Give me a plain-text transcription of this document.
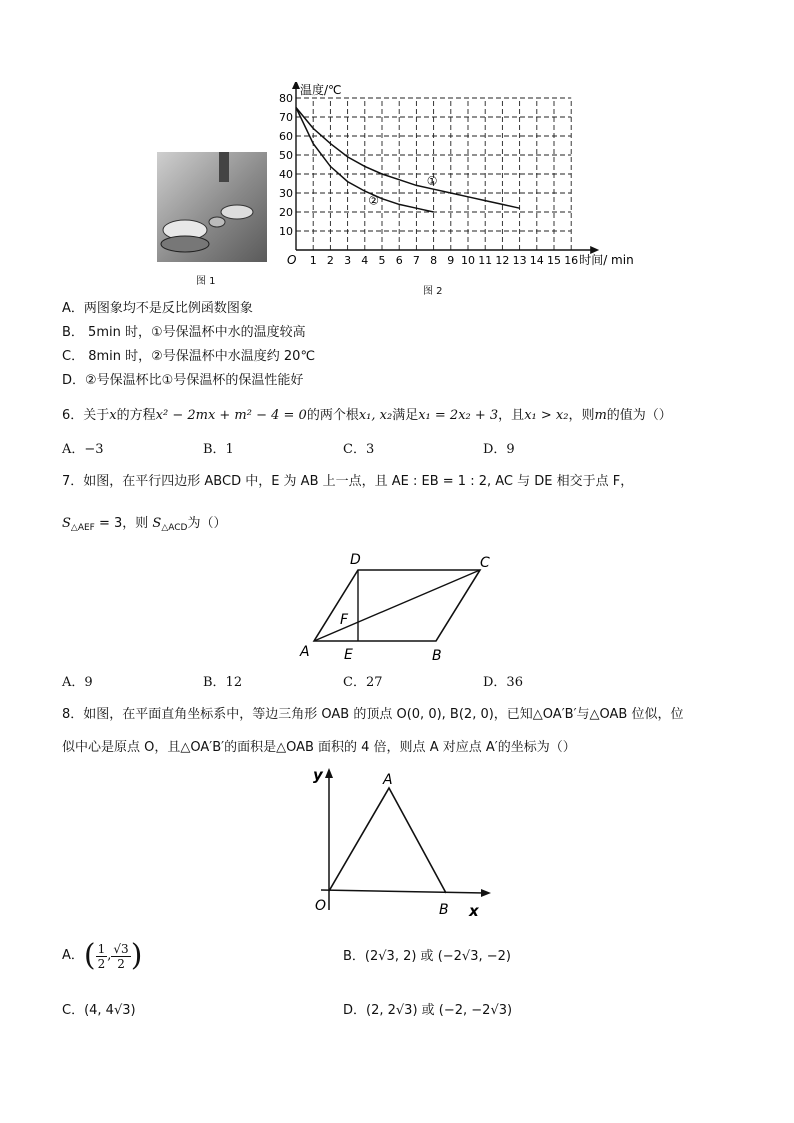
图 1
10
20
30
40
50
60
70
80
1 2 3 4 5 6 7 8 9 10 11 12 13 14 15 16
O
温度/℃
时间/ min
①
②
图 2
A．两图象均不是反比例函数图象
B． 5min 时，①号保温杯中水的温度较高
C． 8min 时，②号保温杯中水温度约 20℃
D．②号保温杯比①号保温杯的保温性能好
6．关于x的方程x² − 2mx + m² − 4 = 0的两个根x₁, x₂满足x₁ = 2x₂ + 3，且x₁ > x₂，则m的值为（）
A．−3	B．1	C．3	D．9
7．如图，在平行四边形 ABCD 中，E 为 AB 上一点，且 AE : EB = 1 : 2, AC 与 DE 相交于点 F，
$S_{\triangle AEF} = 3$，则 $S_{\triangle ACD}$为（）
A
D	C
B
E
F
A．9	B．12	C．27	D．36
8．如图，在平面直角坐标系中，等边三角形 OAB 的顶点 O(0, 0), B(2, 0)，已知△OA′B′与△OAB 位似，位
似中心是原点 O，且△OA′B′的面积是△OAB 面积的 4 倍，则点 A 对应点 A′的坐标为（）
y
x
O
A
B
A． ( $\frac{1}{2}$ , $\frac{√3}{2}$ )	B．(2√3, 2) 或 (−2√3, −2)
C．(4, 4√3)	D．(2, 2√3) 或 (−2, −2√3)
